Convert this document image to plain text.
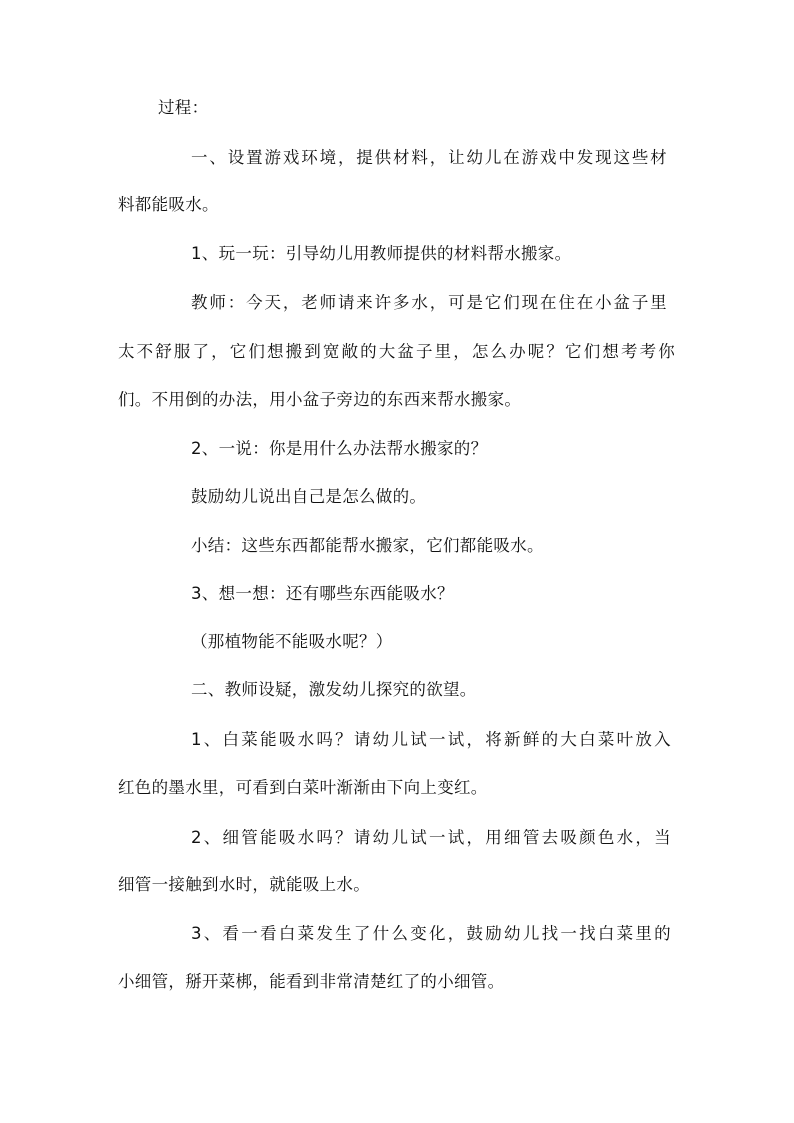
过程：

一、设置游戏环境，提供材料，让幼儿在游戏中发现这些材

料都能吸水。

1、玩一玩：引导幼儿用教师提供的材料帮水搬家。

教师：今天，老师请来许多水，可是它们现在住在小盆子里

太不舒服了，它们想搬到宽敞的大盆子里，怎么办呢？它们想考考你

们。不用倒的办法，用小盆子旁边的东西来帮水搬家。

2、一说：你是用什么办法帮水搬家的？

鼓励幼儿说出自己是怎么做的。

小结：这些东西都能帮水搬家，它们都能吸水。

3、想一想：还有哪些东西能吸水？

（那植物能不能吸水呢？）

二、教师设疑，激发幼儿探究的欲望。

1、白菜能吸水吗？请幼儿试一试，将新鲜的大白菜叶放入

红色的墨水里，可看到白菜叶渐渐由下向上变红。

2、细管能吸水吗？请幼儿试一试，用细管去吸颜色水，当

细管一接触到水时，就能吸上水。

3、看一看白菜发生了什么变化，鼓励幼儿找一找白菜里的

小细管，掰开菜梆，能看到非常清楚红了的小细管。
